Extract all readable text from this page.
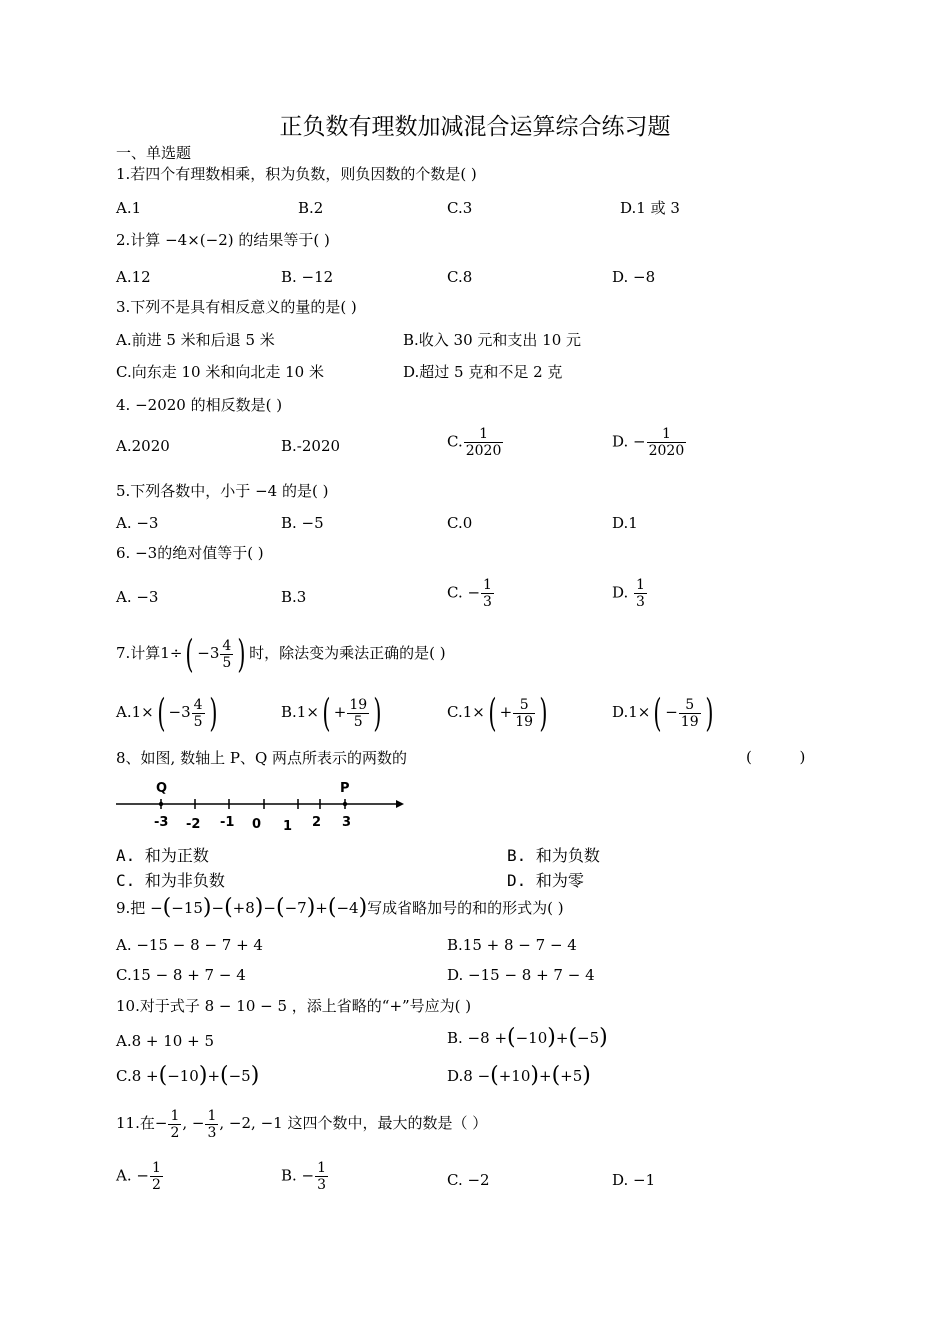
正负数有理数加减混合运算综合练习题
一、单选题
1.若四个有理数相乘，积为负数，则负因数的个数是( )
A.1	B.2	C.3	D.1 或 3
2.计算 −4×(−2) 的结果等于( )
A.12	B. −12	C.8	D. −8
3.下列不是具有相反意义的量的是( )
A.前进 5 米和后退 5 米	B.收入 30 元和支出 10 元
C.向东走 10 米和向北走 10 米	D.超过 5 克和不足 2 克
4. −2020 的相反数是( )
A.2020	B.-2020	C. $\frac{1}{2020}$	D. − $\frac{1}{2020}$
5.下列各数中，小于 −4 的是( )
A. −3	B. −5	C.0	D.1
6. −3的绝对值等于( )
A. −3	B.3	C. − $\frac{1}{3}$	D. $\frac{1}{3}$
7.计算$1\div( -3 \frac{4}{5}$ ) 时，除法变为乘法正确的是( )
$A.1\times( -3 \frac{4}{5}$ )	$B.1\times( + \frac{19}{5}$ )	$C.1\times( + \frac{5}{19}$ )	$D.1\times( - \frac{5}{19}$ )
8、如图, 数轴上 P、Q 两点所表示的两数的	(          )
Q	P
-3 -2 -1 0 1 2 3
A. 和为正数	B. 和为负数
C. 和为非负数	D. 和为零
9.把 −(−15)−(+8)−(−7)+(−4)写成省略加号的和的形式为( )
A. −15 − 8 − 7 + 4	B.15 + 8 − 7 − 4
C.15 − 8 + 7 − 4	D. −15 − 8 + 7 − 4
10.对于式子 8 − 10 − 5 ，添上省略的“+”号应为( )
A.8 + 10 + 5	B. −8 +(−10)+(−5)
C.8 +(−10)+(−5)	D.8 −(+10)+(+5)
11.在− $\frac{1}{2}$ , − $\frac{1}{3}$ , −2, −1 这四个数中，最大的数是（ ）
A. − $\frac{1}{2}$	B. − $\frac{1}{3}$	C. −2	D. −1
